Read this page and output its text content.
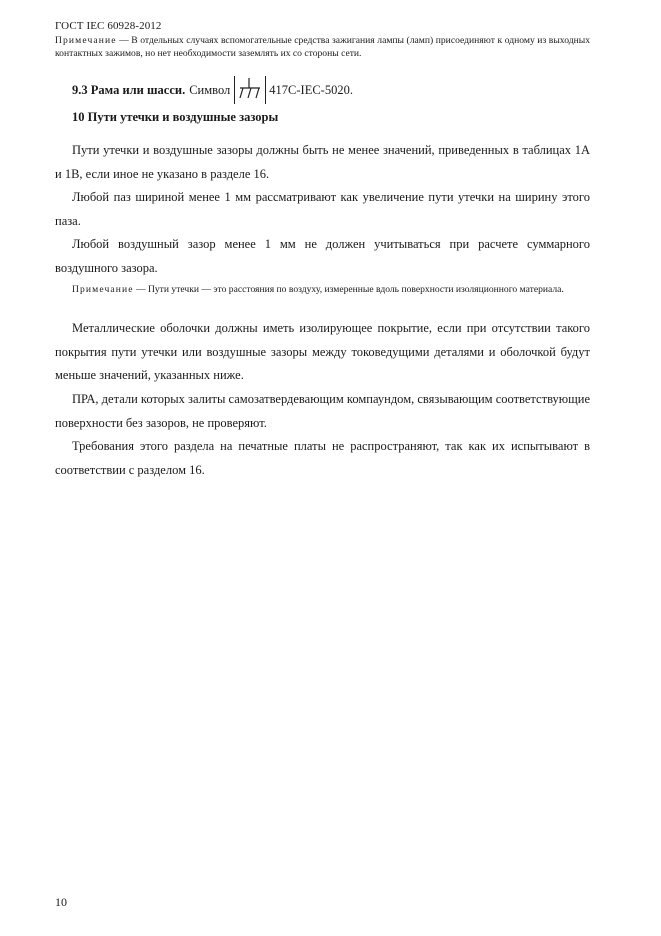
ГОСТ IEC 60928-2012
Примечание — В отдельных случаях вспомогательные средства зажигания лампы (ламп) присоединяют к одному из выходных контактных зажимов, но нет необходимости заземлять их со стороны сети.
9.3 Рама или шасси. Символ	417С-IEC-5020.
10 Пути утечки и воздушные зазоры
Пути утечки и воздушные зазоры должны быть не менее значений, приведенных в таблицах 1А и 1В, если иное не указано в разделе 16.
Любой паз шириной менее 1 мм рассматривают как увеличение пути утечки на ширину этого паза.
Любой воздушный зазор менее 1 мм не должен учитываться при расчете суммарного воздушного зазора.
Примечание — Пути утечки — это расстояния по воздуху, измеренные вдоль поверхности изоляционного материала.
Металлические оболочки должны иметь изолирующее покрытие, если при отсутствии такого покрытия пути утечки или воздушные зазоры между токоведущими деталями и оболочкой будут меньше значений, указанных ниже.
ПРА, детали которых залиты самозатвердевающим компаундом, связывающим соответствующие поверхности без зазоров, не проверяют.
Требования этого раздела на печатные платы не распространяют, так как их испытывают в соответствии с разделом 16.
10
